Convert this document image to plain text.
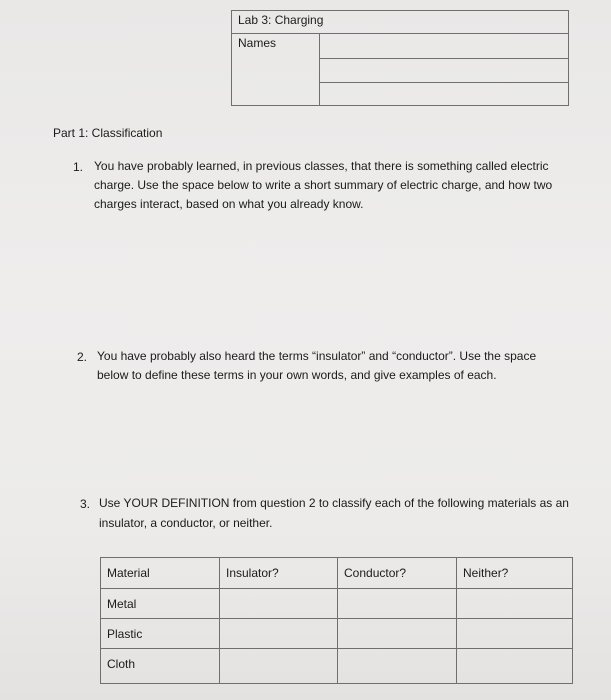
Lab 3: Charging
Names
Part 1: Classification
1. You have probably learned, in previous classes, that there is something called electric
charge. Use the space below to write a short summary of electric charge, and how two
charges interact, based on what you already know.
2. You have probably also heard the terms “insulator” and “conductor”. Use the space
below to define these terms in your own words, and give examples of each.
3. Use YOUR DEFINITION from question 2 to classify each of the following materials as an
insulator, a conductor, or neither.
Material	Insulator?	Conductor?	Neither?
Metal			
Plastic			
Cloth			
